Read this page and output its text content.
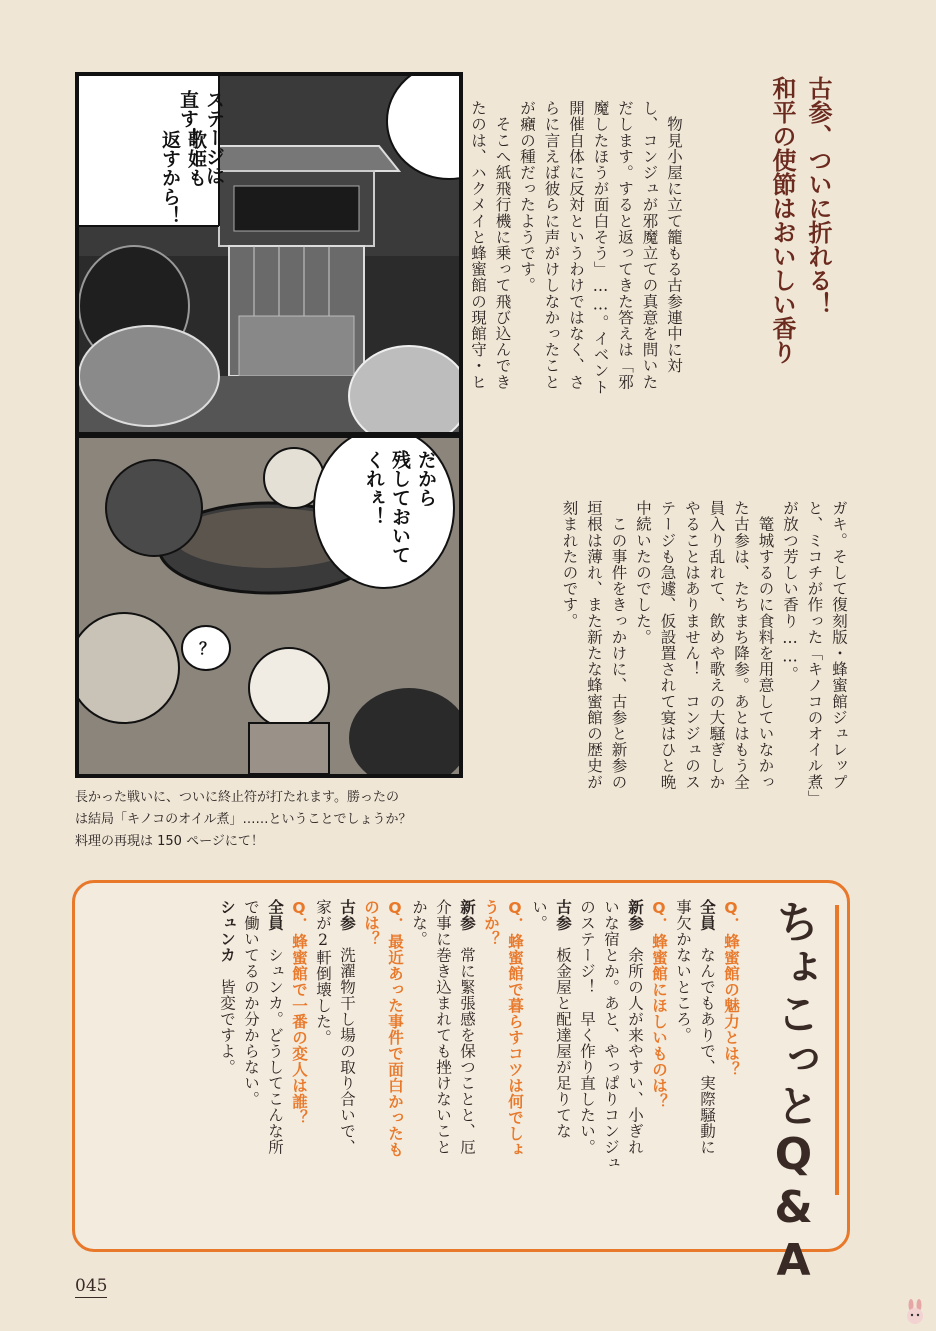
ステージは
直す！
歌姫も
返すから！
だから
残しておいて
くれぇ！
？
長かった戦いに、ついに終止符が打たれます。勝ったの
は結局「キノコのオイル煮」……ということでしょうか？
料理の再現は 150 ページにて！
古参、ついに折れる！
和平の使節はおいしい香り
　物見小屋に立て籠もる古参連中に対
し、コンジュが邪魔立ての真意を問いた
だします。すると返ってきた答えは「邪
魔したほうが面白そう」……。イベント
開催自体に反対というわけではなく、さ
らに言えば彼らに声がけしなかったこと
が癪の種だったようです。
　そこへ紙飛行機に乗って飛び込んでき
たのは、ハクメイと蜂蜜館の現館守・ヒ
ガキ。そして復刻版・蜂蜜館ジュレップ
と、ミコチが作った「キノコのオイル煮」
が放つ芳しい香り……。
　篭城するのに食料を用意していなかっ
た古参は、たちまち降参。あとはもう全
員入り乱れて、飲めや歌えの大騒ぎしか
やることはありません！　コンジュのス
テージも急遽、仮設置されて宴はひと晩
中続いたのでした。
　この事件をきっかけに、古参と新参の
垣根は薄れ、また新たな蜂蜜館の歴史が
刻まれたのです。
ちょこっとQ&A
Q．蜂蜜館の魅力とは？
全員　なんでもありで、実際騒動に
事欠かないところ。
Q．蜂蜜館にほしいものは？
新参　余所の人が来やすい、小ぎれ
いな宿とか。あと、やっぱりコンジュ
のステージ！　早く作り直したい。
古参　板金屋と配達屋が足りてな
い。
Q．蜂蜜館で暮らすコツは何でしょ
うか？
新参　常に緊張感を保つことと、厄
介事に巻き込まれても挫けないこと
かな。
Q．最近あった事件で面白かったも
のは？
古参　洗濯物干し場の取り合いで、
家が2軒倒壊した。
Q．蜂蜜館で一番の変人は誰？
全員　シュンカ。どうしてこんな所
で働いてるのか分からない。
シュンカ　皆変ですよ。
045
